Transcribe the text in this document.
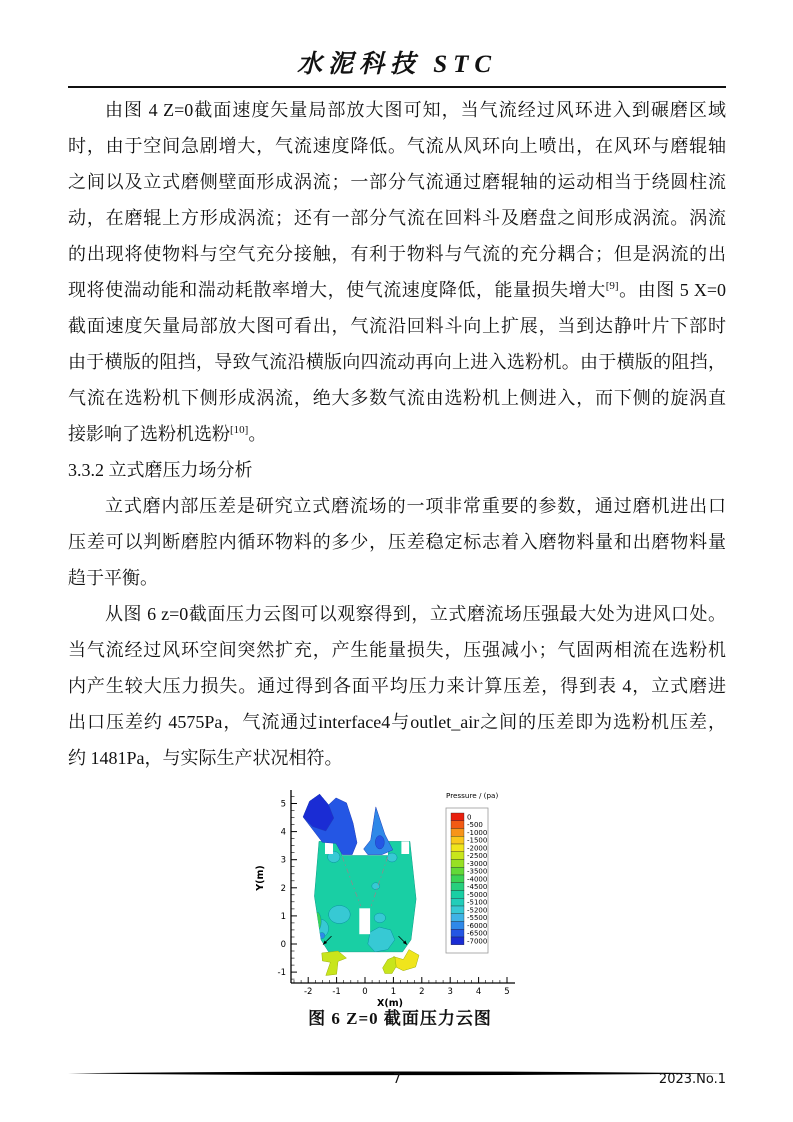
水泥科技 STC
由图 4 Z=0截面速度矢量局部放大图可知，当气流经过风环进入到碾磨区域
时，由于空间急剧增大，气流速度降低。气流从风环向上喷出，在风环与磨辊轴
之间以及立式磨侧壁面形成涡流；一部分气流通过磨辊轴的运动相当于绕圆柱流
动，在磨辊上方形成涡流；还有一部分气流在回料斗及磨盘之间形成涡流。涡流
的出现将使物料与空气充分接触，有利于物料与气流的充分耦合；但是涡流的出
现将使湍动能和湍动耗散率增大，使气流速度降低，能量损失增大[9]。由图 5 X=0
截面速度矢量局部放大图可看出，气流沿回料斗向上扩展，当到达静叶片下部时
由于横版的阻挡，导致气流沿横版向四流动再向上进入选粉机。由于横版的阻挡，
气流在选粉机下侧形成涡流，绝大多数气流由选粉机上侧进入，而下侧的旋涡直
接影响了选粉机选粉[10]。
3.3.2 立式磨压力场分析
立式磨内部压差是研究立式磨流场的一项非常重要的参数，通过磨机进出口
压差可以判断磨腔内循环物料的多少，压差稳定标志着入磨物料量和出磨物料量
趋于平衡。
从图 6 z=0截面压力云图可以观察得到，立式磨流场压强最大处为进风口处。
当气流经过风环空间突然扩充，产生能量损失，压强减小；气固两相流在选粉机
内产生较大压力损失。通过得到各面平均压力来计算压差，得到表 4，立式磨进
出口压差约 4575Pa，气流通过interface4与outlet_air之间的压差即为选粉机压差，
约 1481Pa，与实际生产状况相符。
-2 -1	0	1	2	3	4	5
-1
0
1
2
3
4
5
X(m)
Y(m)
Pressure / (pa)
0
-500
-1000
-1500
-2000
-2500
-3000
-3500
-4000
-4500
-5000
-5100
-5200
-5500
-6000
-6500
-7000
图 6 Z=0 截面压力云图
7	2023.No.1
